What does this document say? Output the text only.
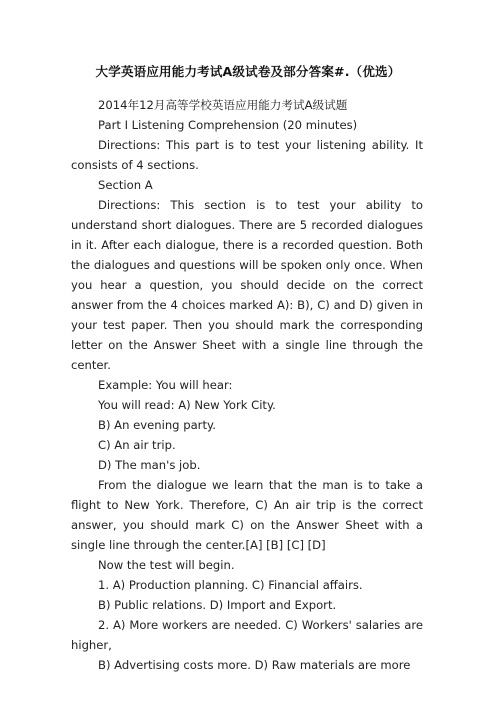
大学英语应用能力考试A级试卷及部分答案#.（优选）

2014年12月高等学校英语应用能力考试A级试题

Part I Listening Comprehension (20 minutes)

Directions: This part is to test your listening ability. It consists of 4 sections.

Section A

Directions: This section is to test your ability to understand short dialogues. There are 5 recorded dialogues in it. After each dialogue, there is a recorded question. Both the dialogues and questions will be spoken only once. When you hear a question, you should decide on the correct answer from the 4 choices marked A): B), C) and D) given in your test paper. Then you should mark the corresponding letter on the Answer Sheet with a single line through the center.

Example: You will hear:

You will read: A) New York City.

B) An evening party.

C) An air trip.

D) The man's job.

From the dialogue we learn that the man is to take a flight to New York. Therefore, C) An air trip is the correct answer, you should mark C) on the Answer Sheet with a single line through the center.[A] [B] [C] [D]

Now the test will begin.

1. A) Production planning. C) Financial affairs.

B) Public relations. D) Import and Export.

2. A) More workers are needed. C) Workers' salaries are higher,

B) Advertising costs more. D) Raw materials are more
